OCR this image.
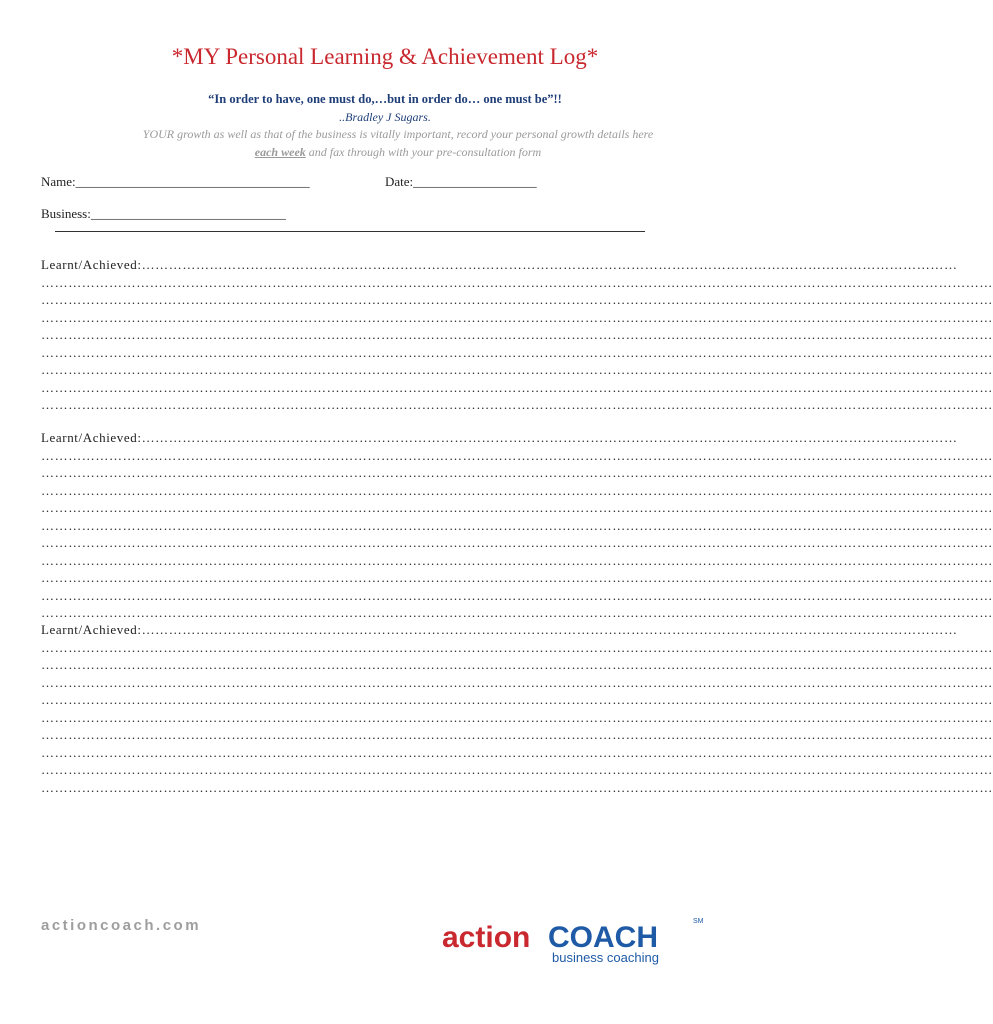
*MY Personal Learning & Achievement Log*
“In order to have, one must do,…but in order do… one must be”!!
..Bradley J Sugars.
YOUR growth as well as that of the business is vitally important, record your personal growth details here each week and fax through with your pre-consultation form
Name:____________________________________	Date:___________________
Business:______________________________
Learnt/Achieved:………………………………………………………………………………………………………………………………………………………………
…………………………………………………………………………………………………………………………………………………………………………………………
…………………………………………………………………………………………………………………………………………………………………………………………
…………………………………………………………………………………………………………………………………………………………………………………………
…………………………………………………………………………………………………………………………………………………………………………………………
…………………………………………………………………………………………………………………………………………………………………………………………
…………………………………………………………………………………………………………………………………………………………………………………………
…………………………………………………………………………………………………………………………………………………………………………………………
…………………………………………………………………………………………………………………………………………………………………………………………
Learnt/Achieved:………………………………………………………………………………………………………………………………………………………………
…………………………………………………………………………………………………………………………………………………………………………………………
…………………………………………………………………………………………………………………………………………………………………………………………
…………………………………………………………………………………………………………………………………………………………………………………………
…………………………………………………………………………………………………………………………………………………………………………………………
…………………………………………………………………………………………………………………………………………………………………………………………
…………………………………………………………………………………………………………………………………………………………………………………………
…………………………………………………………………………………………………………………………………………………………………………………………
…………………………………………………………………………………………………………………………………………………………………………………………
…………………………………………………………………………………………………………………………………………………………………………………………
…………………………………………………………………………………………………………………………………………………………………………………………
Learnt/Achieved:………………………………………………………………………………………………………………………………………………………………
…………………………………………………………………………………………………………………………………………………………………………………………
…………………………………………………………………………………………………………………………………………………………………………………………
…………………………………………………………………………………………………………………………………………………………………………………………
…………………………………………………………………………………………………………………………………………………………………………………………
…………………………………………………………………………………………………………………………………………………………………………………………
…………………………………………………………………………………………………………………………………………………………………………………………
…………………………………………………………………………………………………………………………………………………………………………………………
…………………………………………………………………………………………………………………………………………………………………………………………
…………………………………………………………………………………………………………………………………………………………………………………………
actioncoach.com	action COACH	SM
business coaching
